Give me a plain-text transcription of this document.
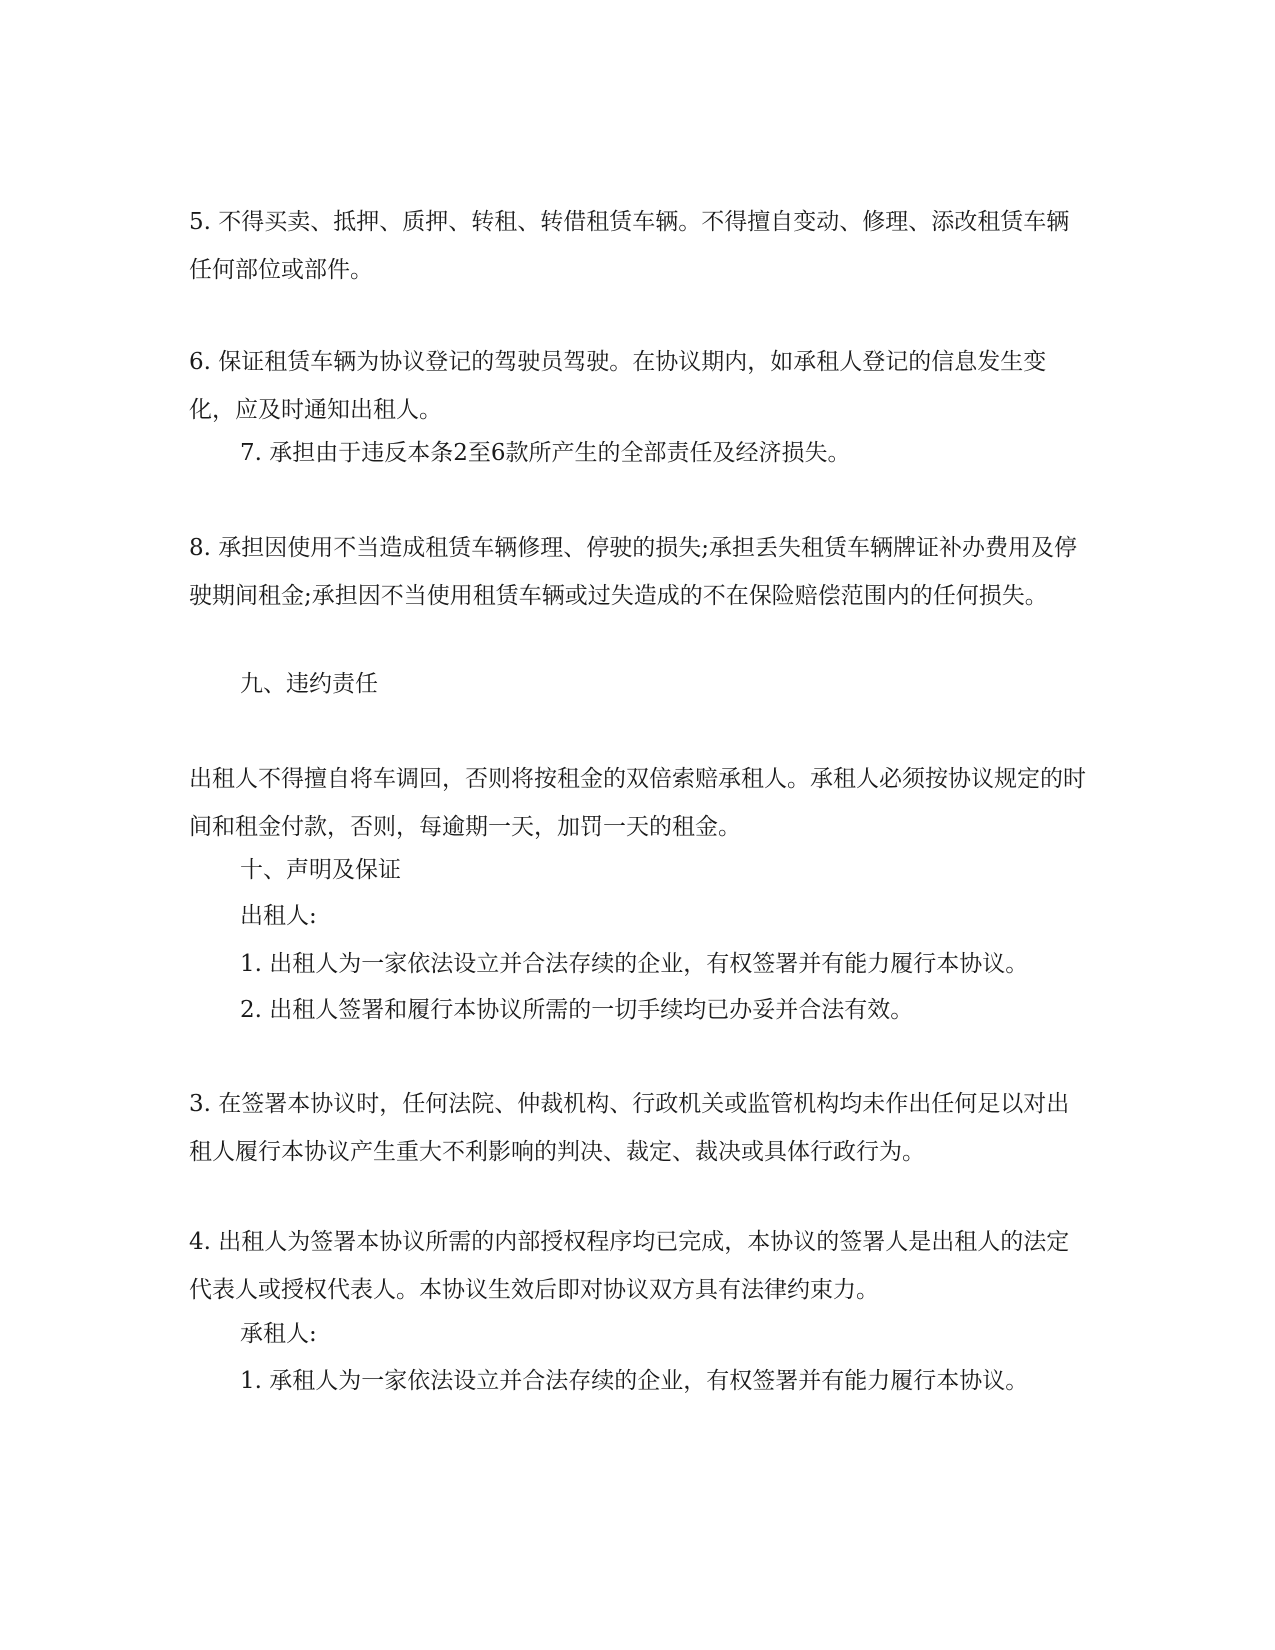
5. 不得买卖、抵押、质押、转租、转借租赁车辆。不得擅自变动、修理、添改租赁车辆任何部位或部件。

6. 保证租赁车辆为协议登记的驾驶员驾驶。在协议期内，如承租人登记的信息发生变化，应及时通知出租人。

7. 承担由于违反本条2至6款所产生的全部责任及经济损失。

8. 承担因使用不当造成租赁车辆修理、停驶的损失;承担丢失租赁车辆牌证补办费用及停驶期间租金;承担因不当使用租赁车辆或过失造成的不在保险赔偿范围内的任何损失。

九、违约责任

出租人不得擅自将车调回，否则将按租金的双倍索赔承租人。承租人必须按协议规定的时间和租金付款，否则，每逾期一天，加罚一天的租金。

十、声明及保证

出租人:

1. 出租人为一家依法设立并合法存续的企业，有权签署并有能力履行本协议。

2. 出租人签署和履行本协议所需的一切手续均已办妥并合法有效。

3. 在签署本协议时，任何法院、仲裁机构、行政机关或监管机构均未作出任何足以对出租人履行本协议产生重大不利影响的判决、裁定、裁决或具体行政行为。

4. 出租人为签署本协议所需的内部授权程序均已完成，本协议的签署人是出租人的法定代表人或授权代表人。本协议生效后即对协议双方具有法律约束力。

承租人:

1. 承租人为一家依法设立并合法存续的企业，有权签署并有能力履行本协议。
